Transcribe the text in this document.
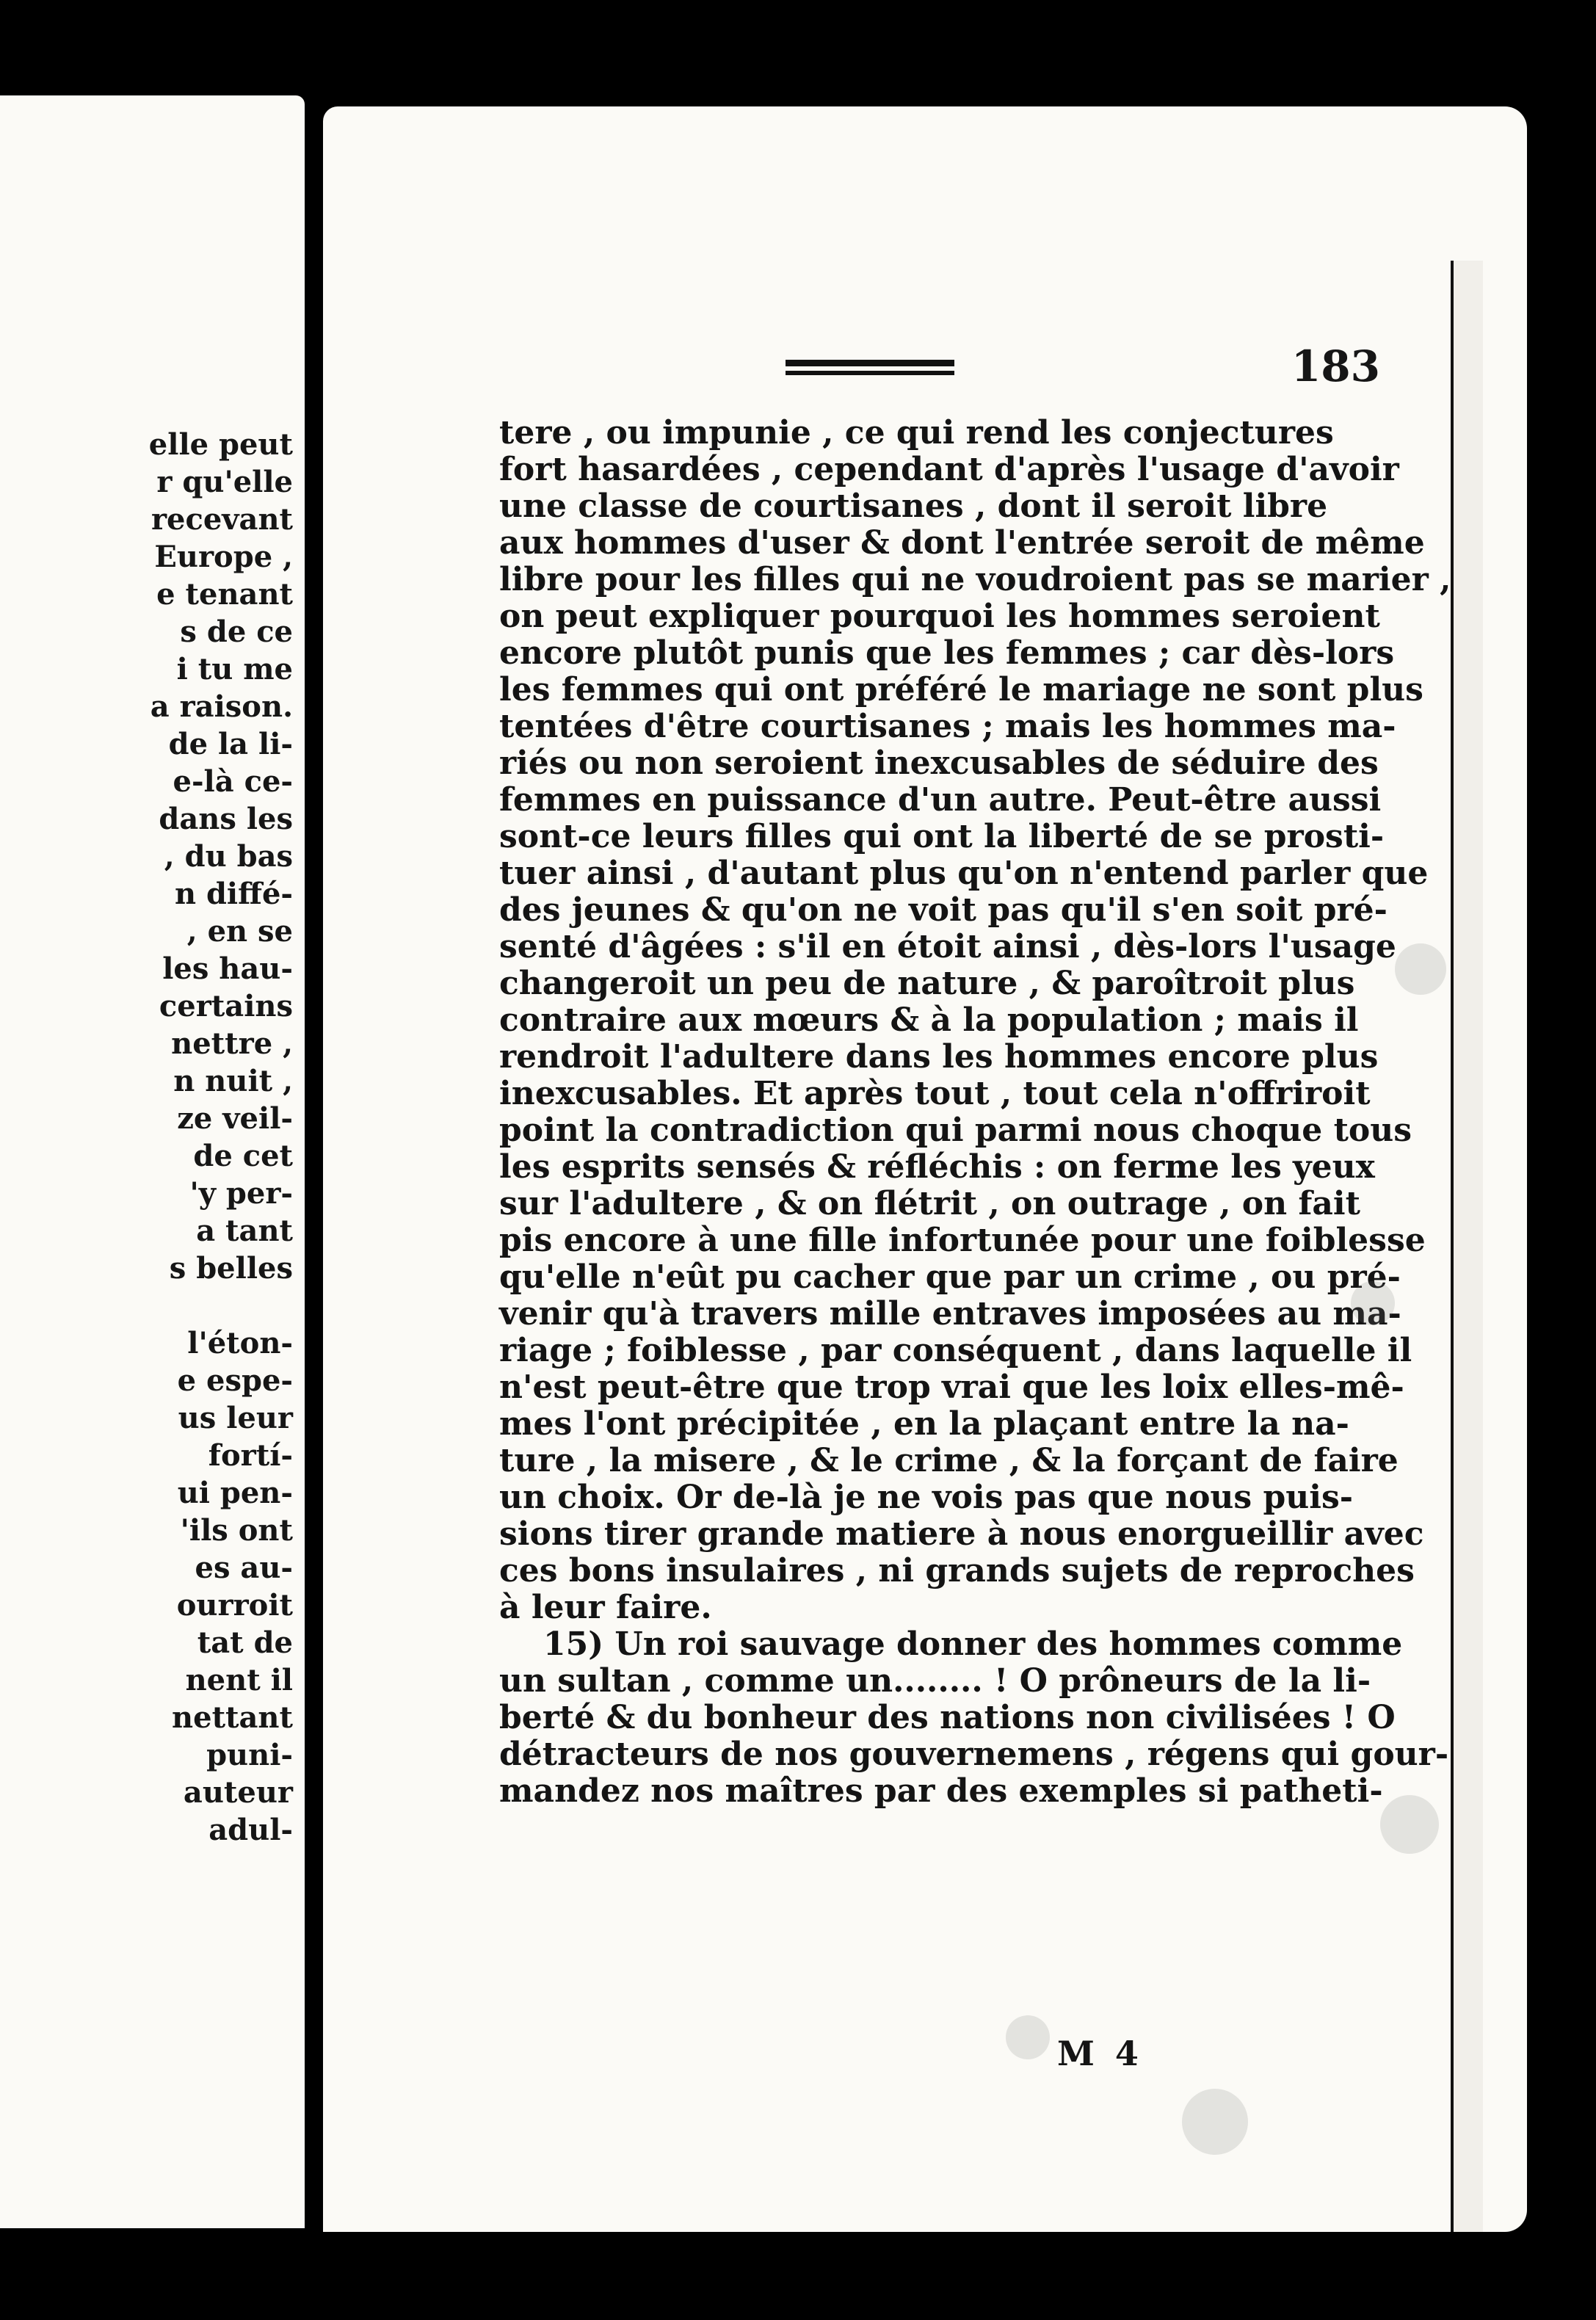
elle peut
r qu'elle
recevant
Europe ,
e tenant
s de ce
i tu me
a raison.
de la li-
e-là ce-
dans les
, du bas
n diffé-
, en se
les hau-
certains
nettre ,
n nuit ,
ze veil-
de cet
'y per-
a tant
s belles

l'éton-
e espe-
us leur
fortí-
ui pen-
'ils ont
es au-
ourroit
tat de
nent il
nettant
puni-
auteur
adul-
183
tere , ou impunie , ce qui rend les conjectures
fort hasardées , cependant d'après l'usage d'avoir
une classe de courtisanes , dont il seroit libre
aux hommes d'user & dont l'entrée seroit de même
libre pour les filles qui ne voudroient pas se marier ,
on peut expliquer pourquoi les hommes seroient
encore plutôt punis que les femmes ; car dès-lors
les femmes qui ont préféré le mariage ne sont plus
tentées d'être courtisanes ; mais les hommes ma-
riés ou non seroient inexcusables de séduire des
femmes en puissance d'un autre. Peut-être aussi
sont-ce leurs filles qui ont la liberté de se prosti-
tuer ainsi , d'autant plus qu'on n'entend parler que
des jeunes & qu'on ne voit pas qu'il s'en soit pré-
senté d'âgées : s'il en étoit ainsi , dès-lors l'usage
changeroit un peu de nature , & paroîtroit plus
contraire aux mœurs & à la population ; mais il
rendroit l'adultere dans les hommes encore plus
inexcusables. Et après tout , tout cela n'offriroit
point la contradiction qui parmi nous choque tous
les esprits sensés & réfléchis : on ferme les yeux
sur l'adultere , & on flétrit , on outrage , on fait
pis encore à une fille infortunée pour une foiblesse
qu'elle n'eût pu cacher que par un crime , ou pré-
venir qu'à travers mille entraves imposées au ma-
riage ; foiblesse , par conséquent , dans laquelle il
n'est peut-être que trop vrai que les loix elles-mê-
mes l'ont précipitée , en la plaçant entre la na-
ture , la misere , & le crime , & la forçant de faire
un choix. Or de-là je ne vois pas que nous puis-
sions tirer grande matiere à nous enorgueillir avec
ces bons insulaires , ni grands sujets de reproches
à leur faire.
15) Un roi sauvage donner des hommes comme
un sultan , comme un........ ! O prôneurs de la li-
berté & du bonheur des nations non civilisées ! O
détracteurs de nos gouvernemens , régens qui gour-
mandez nos maîtres par des exemples si patheti-
M 4
